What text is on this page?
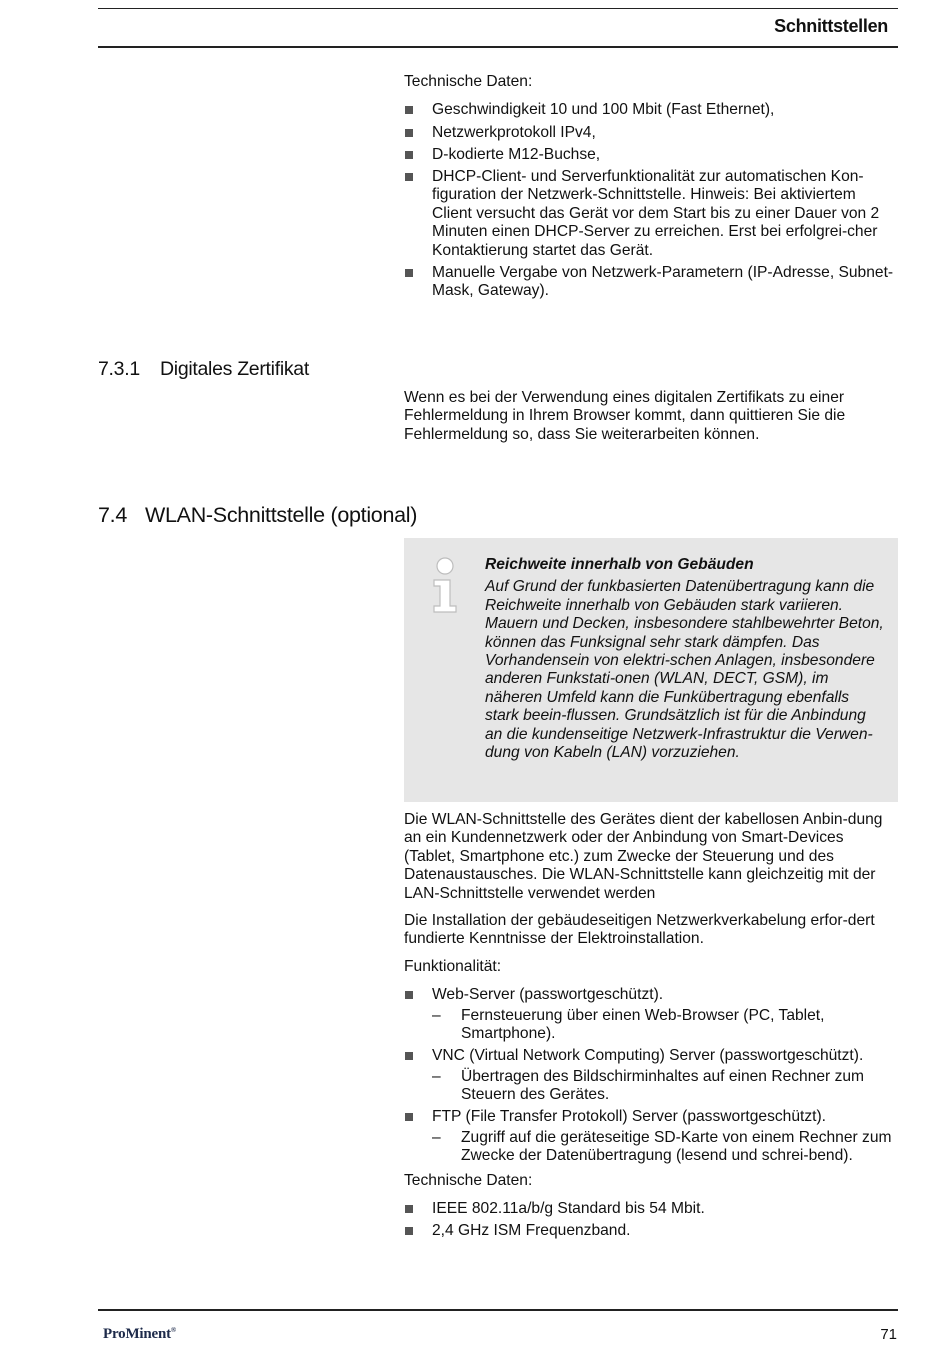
Schnittstellen

Technische Daten:

Geschwindigkeit 10 und 100 Mbit (Fast Ethernet),
Netzwerkprotokoll IPv4,
D-kodierte M12-Buchse,
DHCP-Client- und Serverfunktionalität zur automatischen Kon-figuration der Netzwerk-Schnittstelle. Hinweis: Bei aktiviertem Client versucht das Gerät vor dem Start bis zu einer Dauer von 2 Minuten einen DHCP-Server zu erreichen. Erst bei erfolgrei-cher Kontaktierung startet das Gerät.
Manuelle Vergabe von Netzwerk-Parametern (IP-Adresse, Subnet-Mask, Gateway).
7.3.1 Digitales Zertifikat

Wenn es bei der Verwendung eines digitalen Zertifikats zu einer Fehlermeldung in Ihrem Browser kommt, dann quittieren Sie die Fehlermeldung so, dass Sie weiterarbeiten können.

7.4 WLAN-Schnittstelle (optional)
Reichweite innerhalb von Gebäuden
Auf Grund der funkbasierten Datenübertragung kann die Reichweite innerhalb von Gebäuden stark variieren. Mauern und Decken, insbesondere stahlbewehrter Beton, können das Funksignal sehr stark dämpfen. Das Vorhandensein von elektri-schen Anlagen, insbesondere anderen Funkstati-onen (WLAN, DECT, GSM), im näheren Umfeld kann die Funkübertragung ebenfalls stark beein-flussen. Grundsätzlich ist für die Anbindung an die kundenseitige Netzwerk-Infrastruktur die Verwen-dung von Kabeln (LAN) vorzuziehen.

Die WLAN-Schnittstelle des Gerätes dient der kabellosen Anbin-dung an ein Kundennetzwerk oder der Anbindung von Smart-Devices (Tablet, Smartphone etc.) zum Zwecke der Steuerung und des Datenaustausches. Die WLAN-Schnittstelle kann gleichzeitig mit der LAN-Schnittstelle verwendet werden

Die Installation der gebäudeseitigen Netzwerkverkabelung erfor-dert fundierte Kenntnisse der Elektroinstallation.

Funktionalität:

Web-Server (passwortgeschützt).
– Fernsteuerung über einen Web-Browser (PC, Tablet, Smartphone).
VNC (Virtual Network Computing) Server (passwortgeschützt).
– Übertragen des Bildschirminhaltes auf einen Rechner zum Steuern des Gerätes.
FTP (File Transfer Protokoll) Server (passwortgeschützt).
– Zugriff auf die geräteseitige SD-Karte von einem Rechner zum Zwecke der Datenübertragung (lesend und schrei-bend).

Technische Daten:

IEEE 802.11a/b/g Standard bis 54 Mbit.
2,4 GHz ISM Frequenzband.
ProMinent®	71
